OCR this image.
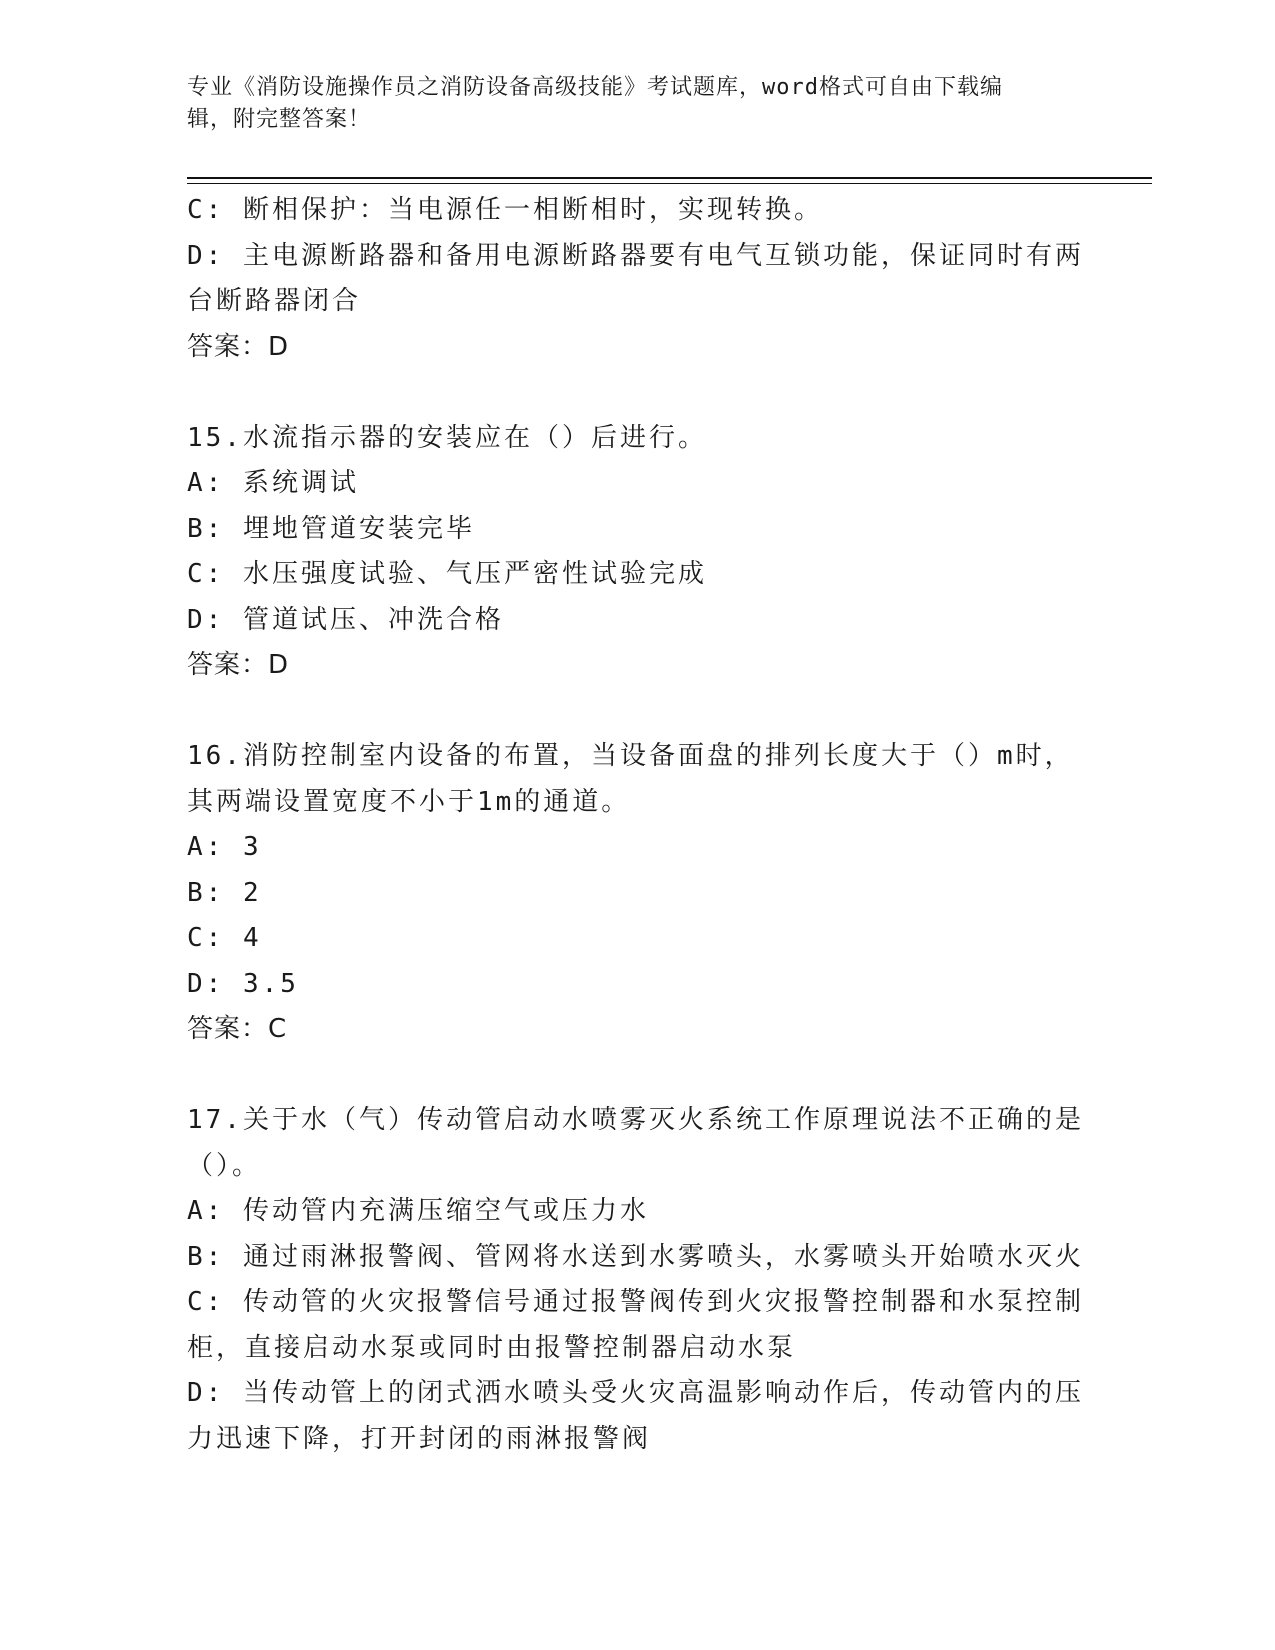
专业《消防设施操作员之消防设备高级技能》考试题库，word格式可自由下载编
辑，附完整答案！
C: 断相保护：当电源任一相断相时，实现转换。
D: 主电源断路器和备用电源断路器要有电气互锁功能，保证同时有两
台断路器闭合
答案：D
15.水流指示器的安装应在（）后进行。
A: 系统调试
B: 埋地管道安装完毕
C: 水压强度试验、气压严密性试验完成
D: 管道试压、冲洗合格
答案：D
16.消防控制室内设备的布置，当设备面盘的排列长度大于（）m时，
其两端设置宽度不小于1m的通道。
A: 3
B: 2
C: 4
D: 3.5
答案：C
17.关于水（气）传动管启动水喷雾灭火系统工作原理说法不正确的是
（）。
A: 传动管内充满压缩空气或压力水
B: 通过雨淋报警阀、管网将水送到水雾喷头，水雾喷头开始喷水灭火
C: 传动管的火灾报警信号通过报警阀传到火灾报警控制器和水泵控制
柜，直接启动水泵或同时由报警控制器启动水泵
D: 当传动管上的闭式洒水喷头受火灾高温影响动作后，传动管内的压
力迅速下降，打开封闭的雨淋报警阀
